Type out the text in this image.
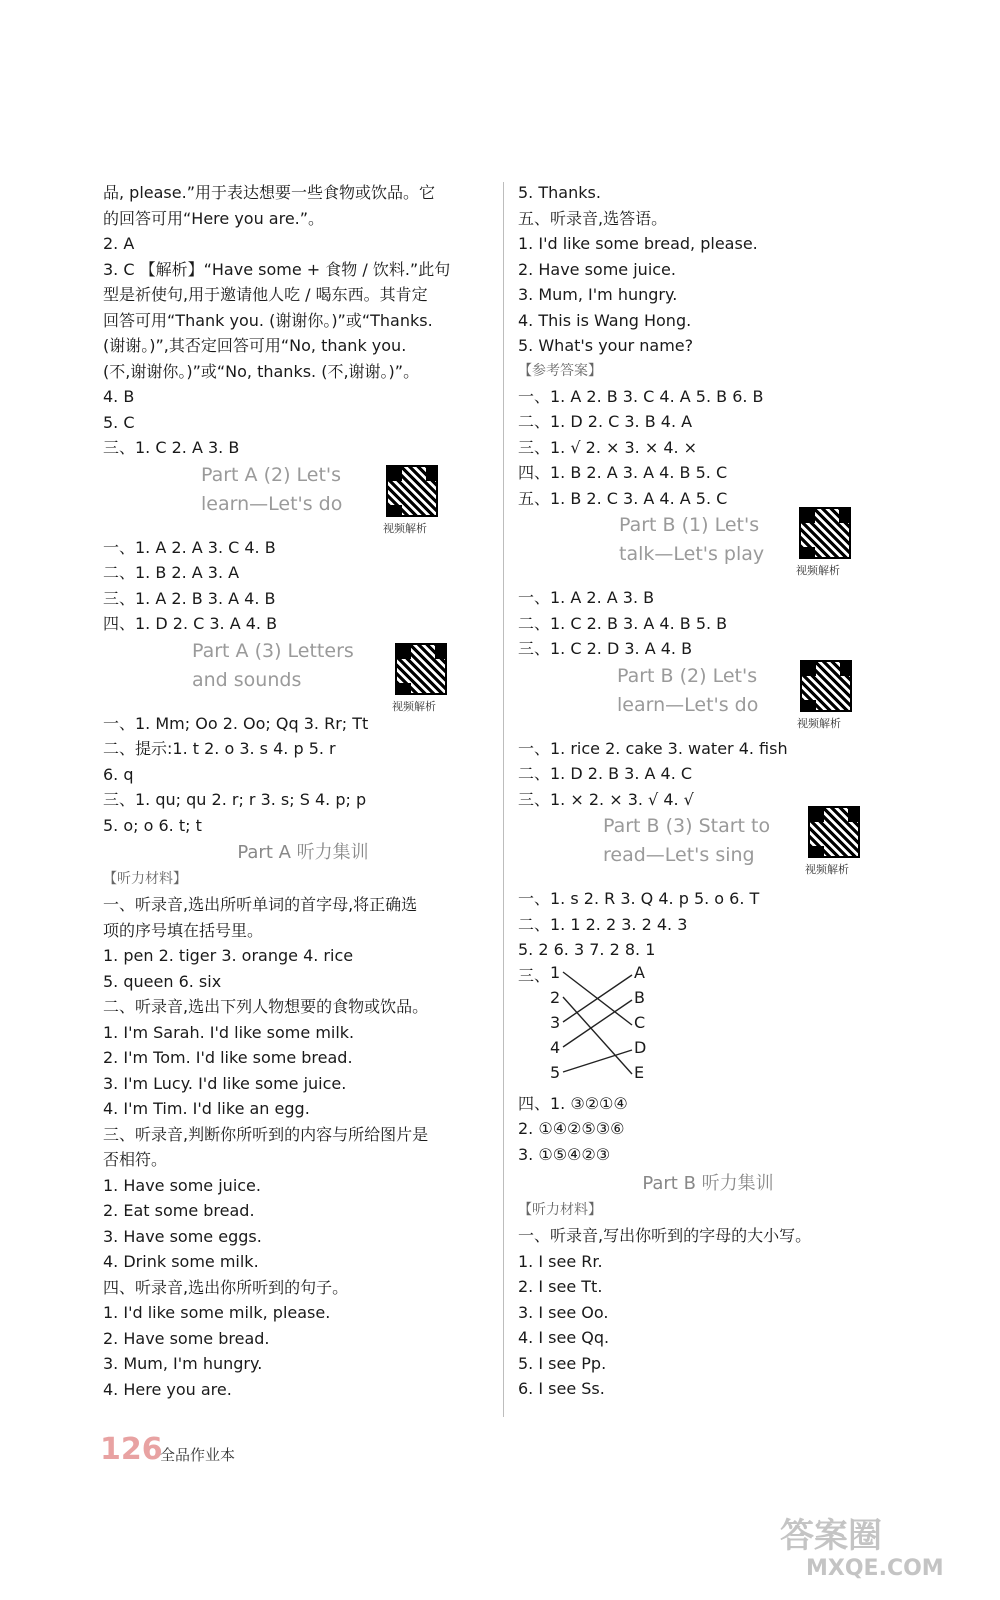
品, please.”用于表达想要一些食物或饮品。它
的回答可用“Here you are.”。
2. A
3. C 【解析】“Have some + 食物 / 饮料.”此句
型是祈使句,用于邀请他人吃 / 喝东西。其肯定
回答可用“Thank you. (谢谢你。)”或“Thanks.
(谢谢。)”,其否定回答可用“No, thank you.
(不,谢谢你。)”或“No, thanks. (不,谢谢。)”。
4. B
5. C
三、1. C 2. A 3. B
Part A (2) Let's
learn—Let's do
视频解析
一、1. A 2. A 3. C 4. B
二、1. B 2. A 3. A
三、1. A 2. B 3. A 4. B
四、1. D 2. C 3. A 4. B
Part A (3) Letters
and sounds
视频解析
一、1. Mm; Oo 2. Oo; Qq 3. Rr; Tt
二、提示:1. t 2. o 3. s 4. p 5. r
6. q
三、1. qu; qu 2. r; r 3. s; S 4. p; p
5. o; o 6. t; t
Part A 听力集训
【听力材料】
一、听录音,选出所听单词的首字母,将正确选
项的序号填在括号里。
1. pen 2. tiger 3. orange 4. rice
5. queen 6. six
二、听录音,选出下列人物想要的食物或饮品。
1. I'm Sarah. I'd like some milk.
2. I'm Tom. I'd like some bread.
3. I'm Lucy. I'd like some juice.
4. I'm Tim. I'd like an egg.
三、听录音,判断你所听到的内容与所给图片是
否相符。
1. Have some juice.
2. Eat some bread.
3. Have some eggs.
4. Drink some milk.
四、听录音,选出你所听到的句子。
1. I'd like some milk, please.
2. Have some bread.
3. Mum, I'm hungry.
4. Here you are.
5. Thanks.
五、听录音,选答语。
1. I'd like some bread, please.
2. Have some juice.
3. Mum, I'm hungry.
4. This is Wang Hong.
5. What's your name?
【参考答案】
一、1. A 2. B 3. C 4. A 5. B 6. B
二、1. D 2. C 3. B 4. A
三、1. √ 2. × 3. × 4. ×
四、1. B 2. A 3. A 4. B 5. C
五、1. B 2. C 3. A 4. A 5. C
Part B (1) Let's
talk—Let's play
视频解析
一、1. A 2. A 3. B
二、1. C 2. B 3. A 4. B 5. B
三、1. C 2. D 3. A 4. B
Part B (2) Let's
learn—Let's do
视频解析
一、1. rice 2. cake 3. water 4. fish
二、1. D 2. B 3. A 4. C
三、1. × 2. × 3. √ 4. √
Part B (3) Start to
read—Let's sing
视频解析
一、1. s 2. R 3. Q 4. p 5. o 6. T
二、1. 1 2. 2 3. 2 4. 3
5. 2 6. 3 7. 2 8. 1
三、 1
2
3
4
5
A
B
C
D
E
四、1. ③②①④
2. ①④②⑤③⑥
3. ①⑤④②③
Part B 听力集训
【听力材料】
一、听录音,写出你听到的字母的大小写。
1. I see Rr.
2. I see Tt.
3. I see Oo.
4. I see Qq.
5. I see Pp.
6. I see Ss.
126
全品作业本
答案圈
MXQE.COM
